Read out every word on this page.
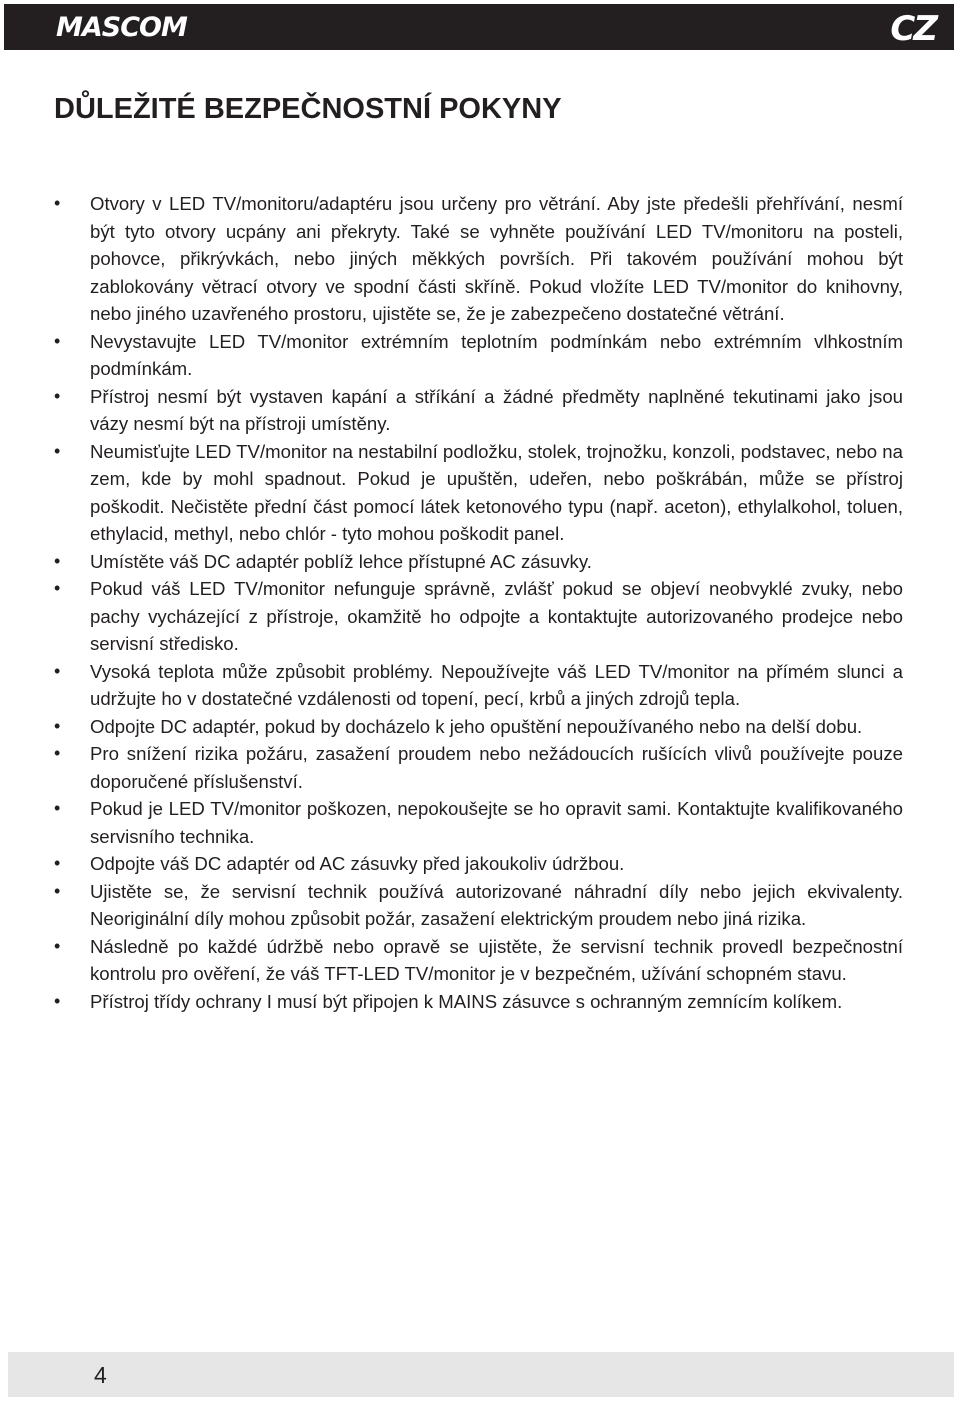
MASCOM	CZ
DŮLEŽITÉ BEZPEČNOSTNÍ POKYNY
•	Otvory v LED TV/monitoru/adaptéru jsou určeny pro větrání. Aby jste předešli přehřívání, nesmí být tyto otvory ucpány ani překryty. Také se vyhněte používání LED TV/monitoru na posteli, pohovce, přikrývkách, nebo jiných měkkých površích. Při takovém používání mohou být zablokovány větrací otvory ve spodní části skříně. Pokud vložíte LED TV/monitor do knihovny, nebo jiného uzavřeného prostoru, ujistěte se, že je zabezpečeno dostatečné větrání.
•	Nevystavujte LED TV/monitor extrémním teplotním podmínkám nebo extrémním vlhkostním podmínkám.
•	Přístroj nesmí být vystaven kapání a stříkání a žádné předměty naplněné tekutinami jako jsou vázy nesmí být na přístroji umístěny.
•	Neumisťujte LED TV/monitor na nestabilní podložku, stolek, trojnožku, konzoli, podstavec, nebo na zem, kde by mohl spadnout. Pokud je upuštěn, udeřen, nebo poškrábán, může se přístroj poškodit. Nečistěte přední část pomocí látek ketonového typu (např. aceton), ethylalkohol, toluen, ethylacid, methyl, nebo chlór - tyto mohou poškodit panel.
•	Umístěte váš DC adaptér poblíž lehce přístupné AC zásuvky.
•	Pokud váš LED TV/monitor nefunguje správně, zvlášť pokud se objeví neobvyklé zvuky, nebo pachy vycházející z přístroje, okamžitě ho odpojte a kontaktujte autorizovaného prodejce nebo servisní středisko.
•	Vysoká teplota může způsobit problémy. Nepoužívejte váš LED TV/monitor na přímém slunci a udržujte ho v dostatečné vzdálenosti od topení, pecí, krbů a jiných zdrojů tepla.
•	Odpojte DC adaptér, pokud by docházelo k jeho opuštění nepoužívaného nebo na delší dobu.
•	Pro snížení rizika požáru, zasažení proudem nebo nežádoucích rušících vlivů používejte pouze doporučené příslušenství.
•	Pokud je LED TV/monitor poškozen, nepokoušejte se ho opravit sami. Kontaktujte kvalifikovaného servisního technika.
•	Odpojte váš DC adaptér od AC zásuvky před jakoukoliv údržbou.
•	Ujistěte se, že servisní technik používá autorizované náhradní díly nebo jejich ekvivalenty. Neoriginální díly mohou způsobit požár, zasažení elektrickým proudem nebo jiná rizika.
•	Následně po každé údržbě nebo opravě se ujistěte, že servisní technik provedl bezpečnostní kontrolu pro ověření, že váš TFT-LED TV/monitor je v bezpečném, užívání schopném stavu.
•	Přístroj třídy ochrany I musí být připojen k MAINS zásuvce s ochranným zemnícím kolíkem.
4
